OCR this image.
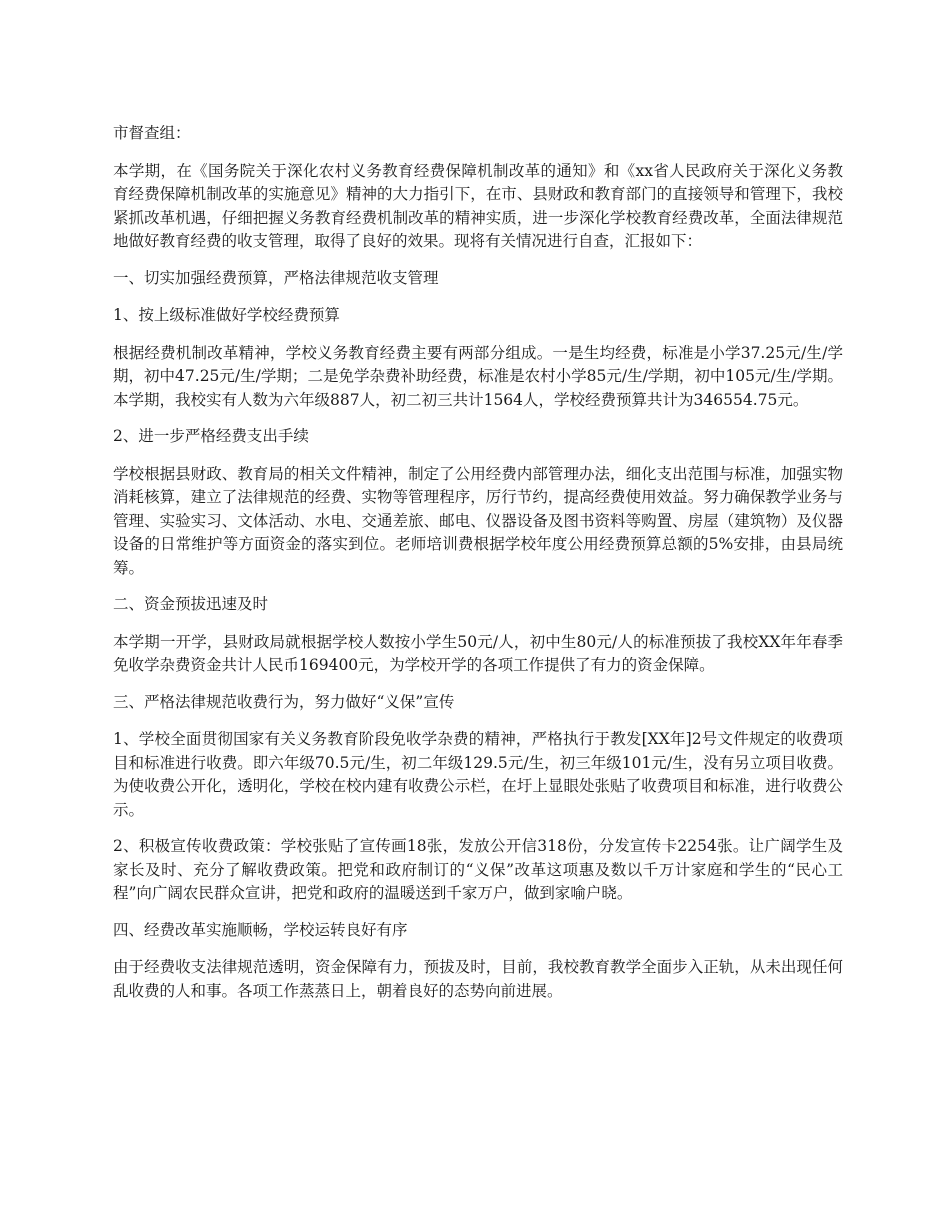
市督查组：

本学期，在《国务院关于深化农村义务教育经费保障机制改革的通知》和《xx省人民政府关于深化义务教育经费保障机制改革的实施意见》精神的大力指引下，在市、县财政和教育部门的直接领导和管理下，我校紧抓改革机遇，仔细把握义务教育经费机制改革的精神实质，进一步深化学校教育经费改革，全面法律规范地做好教育经费的收支管理，取得了良好的效果。现将有关情况进行自查，汇报如下：

一、切实加强经费预算，严格法律规范收支管理

1、按上级标准做好学校经费预算

根据经费机制改革精神，学校义务教育经费主要有两部分组成。一是生均经费，标准是小学37.25元/生/学期，初中47.25元/生/学期；二是免学杂费补助经费，标准是农村小学85元/生/学期，初中105元/生/学期。本学期，我校实有人数为六年级887人，初二初三共计1564人，学校经费预算共计为346554.75元。

2、进一步严格经费支出手续

学校根据县财政、教育局的相关文件精神，制定了公用经费内部管理办法，细化支出范围与标准，加强实物消耗核算，建立了法律规范的经费、实物等管理程序，厉行节约，提高经费使用效益。努力确保教学业务与管理、实验实习、文体活动、水电、交通差旅、邮电、仪器设备及图书资料等购置、房屋（建筑物）及仪器设备的日常维护等方面资金的落实到位。老师培训费根据学校年度公用经费预算总额的5%安排，由县局统筹。

二、资金预拔迅速及时

本学期一开学，县财政局就根据学校人数按小学生50元/人，初中生80元/人的标准预拔了我校XX年年春季免收学杂费资金共计人民币169400元，为学校开学的各项工作提供了有力的资金保障。

三、严格法律规范收费行为，努力做好“义保”宣传

1、学校全面贯彻国家有关义务教育阶段免收学杂费的精神，严格执行于教发[XX年]2号文件规定的收费项目和标准进行收费。即六年级70.5元/生，初二年级129.5元/生，初三年级101元/生，没有另立项目收费。为使收费公开化，透明化，学校在校内建有收费公示栏，在圩上显眼处张贴了收费项目和标准，进行收费公示。

2、积极宣传收费政策：学校张贴了宣传画18张，发放公开信318份，分发宣传卡2254张。让广阔学生及家长及时、充分了解收费政策。把党和政府制订的“义保”改革这项惠及数以千万计家庭和学生的“民心工程”向广阔农民群众宣讲，把党和政府的温暖送到千家万户，做到家喻户晓。

四、经费改革实施顺畅，学校运转良好有序

由于经费收支法律规范透明，资金保障有力，预拔及时，目前，我校教育教学全面步入正轨，从未出现任何乱收费的人和事。各项工作蒸蒸日上，朝着良好的态势向前进展。
